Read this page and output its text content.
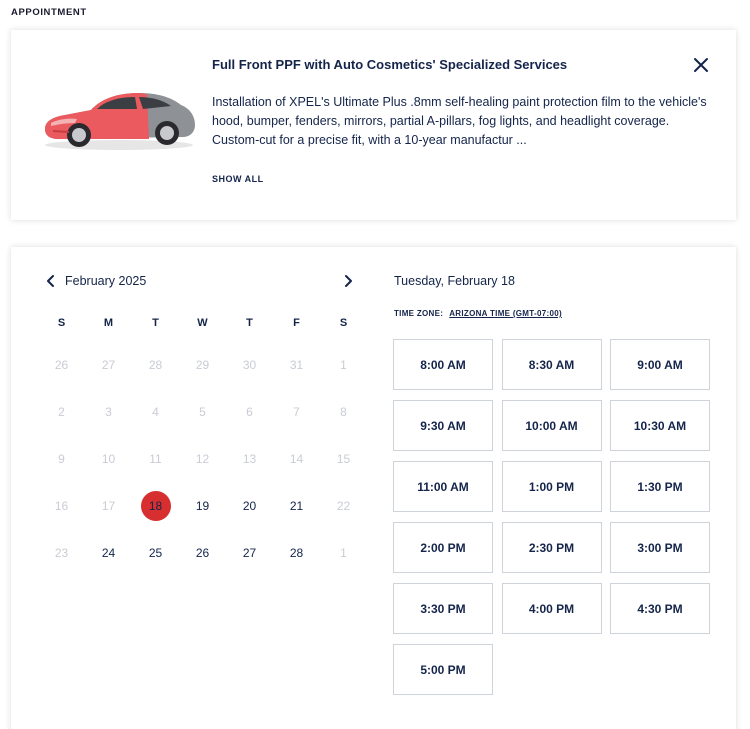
APPOINTMENT
Full Front PPF with Auto Cosmetics' Specialized Services
Installation of XPEL's Ultimate Plus .8mm self-healing paint protection film to the vehicle's hood, bumper, fenders, mirrors, partial A-pillars, fog lights, and headlight coverage. Custom-cut for a precise fit, with a 10-year manufactur ...
SHOW ALL
February 2025
S	M	T	W	T	F	S
26	27	28	29	30	31	1
2	3	4	5	6	7	8
9	10	11	12	13	14	15
16	17	18	19	20	21	22
23	24	25	26	27	28	1
Tuesday, February 18
TIME ZONE: ARIZONA TIME (GMT-07:00)
8:00 AM	8:30 AM	9:00 AM
9:30 AM	10:00 AM	10:30 AM
11:00 AM	1:00 PM	1:30 PM
2:00 PM	2:30 PM	3:00 PM
3:30 PM	4:00 PM	4:30 PM
5:00 PM
